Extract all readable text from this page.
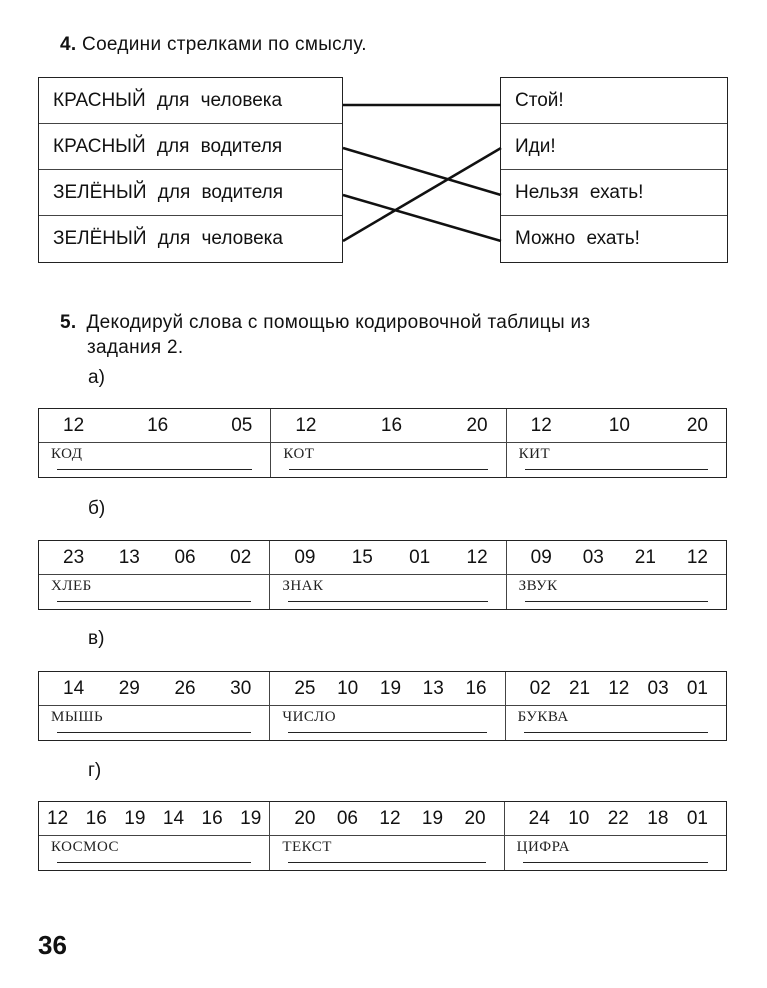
4. Соедини стрелками по смыслу.
КРАСНЫЙ для человека
КРАСНЫЙ для водителя
ЗЕЛЁНЫЙ для водителя
ЗЕЛЁНЫЙ для человека
Стой!
Иди!
Нельзя ехать!
Можно ехать!
5. Декодируй слова с помощью кодировочной таблицы из
задания 2.
а)
12	16	05
КОД
12	16	20
КОТ
12	10	20
КИТ
б)
23 13 06 02
ХЛЕБ
09 15 01 12
ЗНАК
09 03 21 12
ЗВУК
в)
14 29 26 30
МЫШЬ
25 10 19 13 16
ЧИСЛО
02 21 12 03 01
БУКВА
г)
12 16 19 14 16 19
КОСМОС
20 06 12 19 20
ТЕКСТ
24 10 22 18 01
ЦИФРА
36
